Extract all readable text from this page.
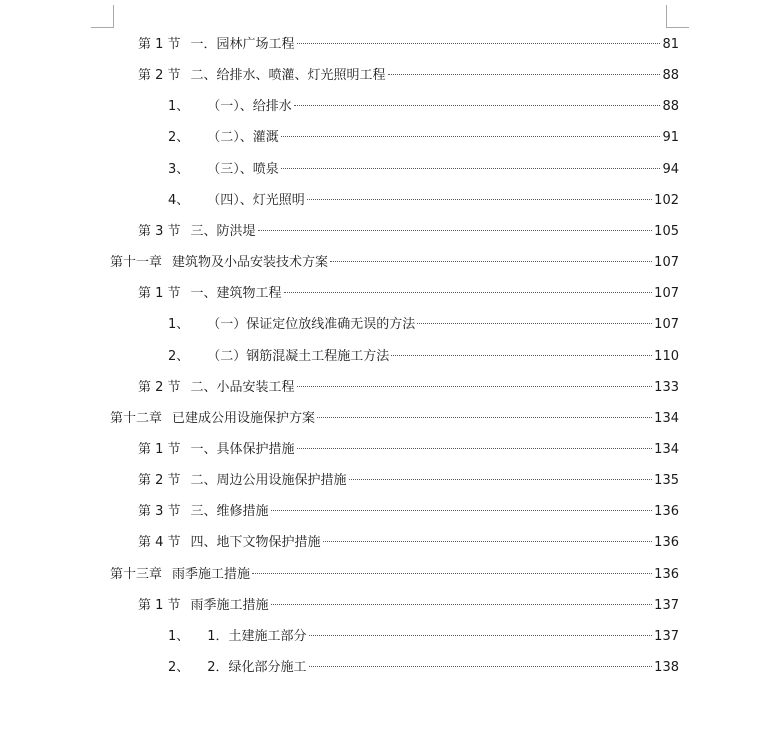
第 1 节 一．园林广场工程	81
第 2 节 二、给排水、喷灌、灯光照明工程	88
1、 （一）、给排水	88
2、 （二）、灌溉	91
3、 （三）、喷泉	94
4、 （四）、灯光照明	102
第 3 节 三、防洪堤	105
第十一章 建筑物及小品安装技术方案	107
第 1 节 一、建筑物工程	107
1、 （一）保证定位放线准确无误的方法	107
2、 （二）钢筋混凝土工程施工方法	110
第 2 节 二、小品安装工程	133
第十二章 已建成公用设施保护方案	134
第 1 节 一、具体保护措施	134
第 2 节 二、周边公用设施保护措施	135
第 3 节 三、维修措施	136
第 4 节 四、地下文物保护措施	136
第十三章 雨季施工措施	136
第 1 节 雨季施工措施	137
1、 1．土建施工部分	137
2、 2．绿化部分施工	138
